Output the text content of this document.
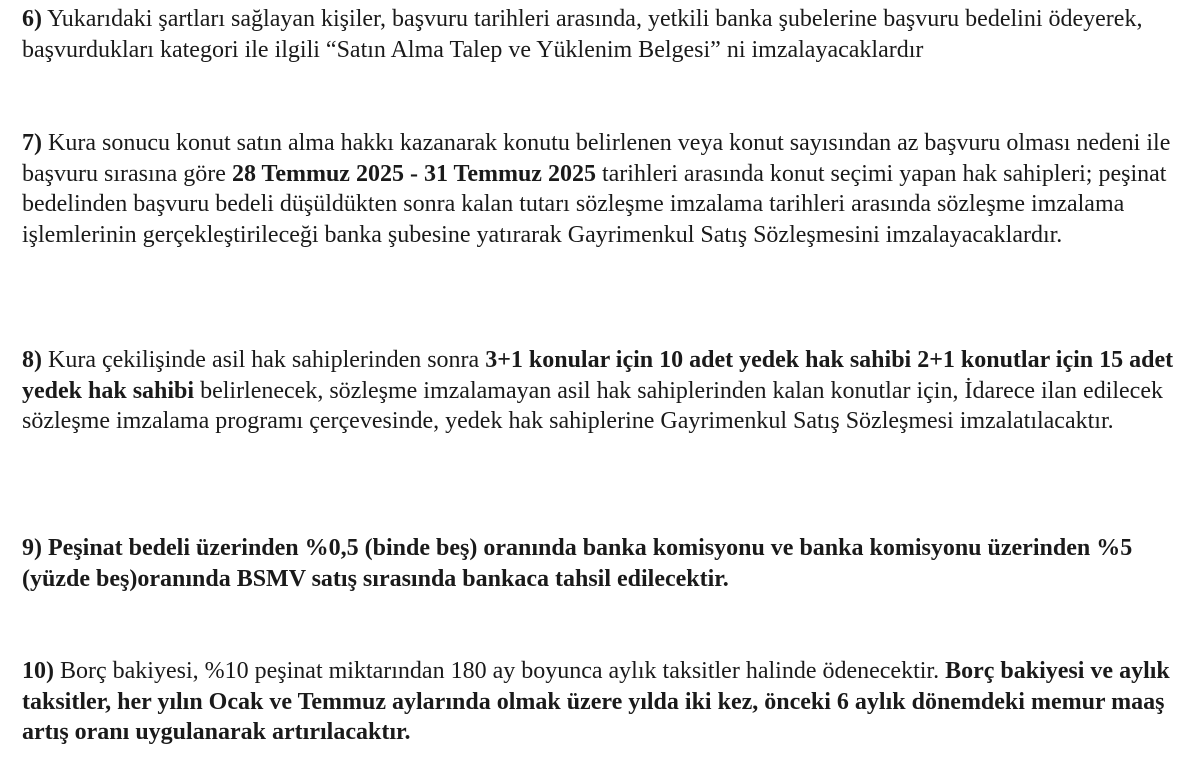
6) Yukarıdaki şartları sağlayan kişiler, başvuru tarihleri arasında, yetkili banka şubelerine başvuru bedelini ödeyerek, başvurdukları kategori ile ilgili “Satın Alma Talep ve Yüklenim Belgesi” ni imzalayacaklardır

7) Kura sonucu konut satın alma hakkı kazanarak konutu belirlenen veya konut sayısından az başvuru olması nedeni ile başvuru sırasına göre 28 Temmuz 2025 - 31 Temmuz 2025 tarihleri arasında konut seçimi yapan hak sahipleri; peşinat bedelinden başvuru bedeli düşüldükten sonra kalan tutarı sözleşme imzalama tarihleri arasında sözleşme imzalama işlemlerinin gerçekleştirileceği banka şubesine yatırarak Gayrimenkul Satış Sözleşmesini imzalayacaklardır.

8) Kura çekilişinde asil hak sahiplerinden sonra 3+1 konular için 10 adet yedek hak sahibi 2+1 konutlar için 15 adet yedek hak sahibi belirlenecek, sözleşme imzalamayan asil hak sahiplerinden kalan konutlar için, İdarece ilan edilecek sözleşme imzalama programı çerçevesinde, yedek hak sahiplerine Gayrimenkul Satış Sözleşmesi imzalatılacaktır.

9) Peşinat bedeli üzerinden %0,5 (binde beş) oranında banka komisyonu ve banka komisyonu üzerinden %5 (yüzde beş)oranında BSMV satış sırasında bankaca tahsil edilecektir.

10) Borç bakiyesi, %10 peşinat miktarından 180 ay boyunca aylık taksitler halinde ödenecektir. Borç bakiyesi ve aylık taksitler, her yılın Ocak ve Temmuz aylarında olmak üzere yılda iki kez, önceki 6 aylık dönemdeki memur maaş artış oranı uygulanarak artırılacaktır.
